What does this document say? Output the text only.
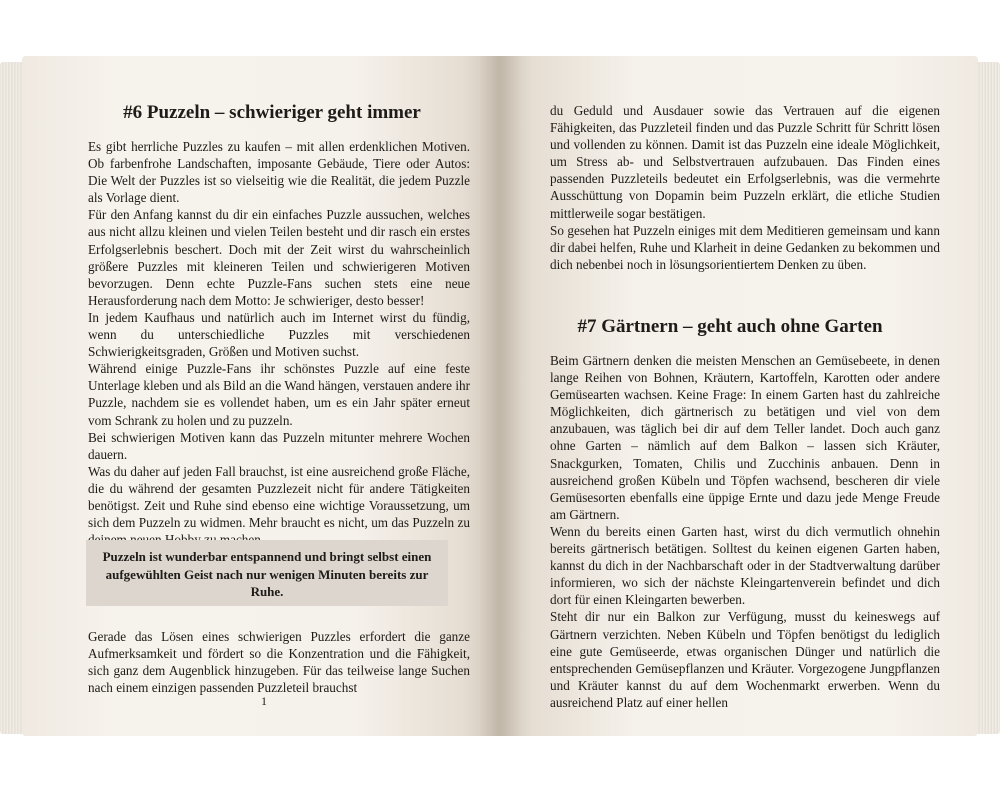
#6 Puzzeln – schwieriger geht immer

Es gibt herrliche Puzzles zu kaufen – mit allen erdenklichen Motiven. Ob farbenfrohe Landschaften, imposante Gebäude, Tiere oder Autos: Die Welt der Puzzles ist so vielseitig wie die Realität, die jedem Puzzle als Vorlage dient.

Für den Anfang kannst du dir ein einfaches Puzzle aussuchen, welches aus nicht allzu kleinen und vielen Teilen besteht und dir rasch ein erstes Erfolgserlebnis beschert. Doch mit der Zeit wirst du wahrscheinlich größere Puzzles mit kleineren Teilen und schwierigeren Motiven bevorzugen. Denn echte Puzzle-Fans suchen stets eine neue Herausforderung nach dem Motto: Je schwieriger, desto besser!

In jedem Kaufhaus und natürlich auch im Internet wirst du fündig, wenn du unterschiedliche Puzzles mit verschiedenen Schwierigkeitsgraden, Größen und Motiven suchst.

Während einige Puzzle-Fans ihr schönstes Puzzle auf eine feste Unterlage kleben und als Bild an die Wand hängen, verstauen andere ihr Puzzle, nachdem sie es vollendet haben, um es ein Jahr später erneut vom Schrank zu holen und zu puzzeln.

Bei schwierigen Motiven kann das Puzzeln mitunter mehrere Wochen dauern.

Was du daher auf jeden Fall brauchst, ist eine ausreichend große Fläche, die du während der gesamten Puzzlezeit nicht für andere Tätigkeiten benötigst. Zeit und Ruhe sind ebenso eine wichtige Voraussetzung, um sich dem Puzzeln zu widmen. Mehr braucht es nicht, um das Puzzeln zu

Puzzeln ist wunderbar entspannend und bringt selbst einen aufgewühlten Geist nach nur wenigen Minuten bereits zur Ruhe.

Gerade das Lösen eines schwierigen Puzzles erfordert die ganze Aufmerksamkeit und fördert so die Konzentration und die Fähigkeit, sich ganz dem Augenblick hinzugeben. Für das teilweise lange Suchen nach einem einzigen passenden Puzzleteil brauchst

1

du Geduld und Ausdauer sowie das Vertrauen auf die eigenen Fähigkeiten, das Puzzleteil finden und das Puzzle Schritt für Schritt lösen und vollenden zu können. Damit ist das Puzzeln eine ideale Möglichkeit, um Stress ab- und Selbstvertrauen aufzubauen. Das Finden eines passenden Puzzleteils bedeutet ein Erfolgserlebnis, was die vermehrte Ausschüttung von Dopamin beim Puzzeln erklärt, die etliche Studien mittlerweile sogar bestätigen.

So gesehen hat Puzzeln einiges mit dem Meditieren gemeinsam und kann dir dabei helfen, Ruhe und Klarheit in deine Gedanken zu bekommen und dich nebenbei noch in lösungsorientiertem Denken zu üben.

#7 Gärtnern – geht auch ohne Garten

Beim Gärtnern denken die meisten Menschen an Gemüsebeete, in denen lange Reihen von Bohnen, Kräutern, Kartoffeln, Karotten oder andere Gemüsearten wachsen. Keine Frage: In einem Garten hast du zahlreiche Möglichkeiten, dich gärtnerisch zu betätigen und viel von dem anzubauen, was täglich bei dir auf dem Teller landet. Doch auch ganz ohne Garten – nämlich auf dem Balkon – lassen sich Kräuter, Snackgurken, Tomaten, Chilis und Zucchinis anbauen. Denn in ausreichend großen Kübeln und Töpfen wachsend, bescheren dir viele Gemüsesorten ebenfalls eine üppige Ernte und dazu jede Menge Freude am Gärtnern.

Wenn du bereits einen Garten hast, wirst du dich vermutlich ohnehin bereits gärtnerisch betätigen. Solltest du keinen eigenen Garten haben, kannst du dich in der Nachbarschaft oder in der Stadtverwaltung darüber informieren, wo sich der nächste Kleingartenverein befindet und dich dort für einen Kleingarten bewerben.

Steht dir nur ein Balkon zur Verfügung, musst du keineswegs auf Gärtnern verzichten. Neben Kübeln und Töpfen benötigst du lediglich eine gute Gemüseerde, etwas organischen Dünger und natürlich die entsprechenden Gemüsepflanzen und Kräuter. Vorgezogene Jungpflanzen und Kräuter kannst du auf dem Wochenmarkt erwerben. Wenn du ausreichend Platz auf einer hellen
